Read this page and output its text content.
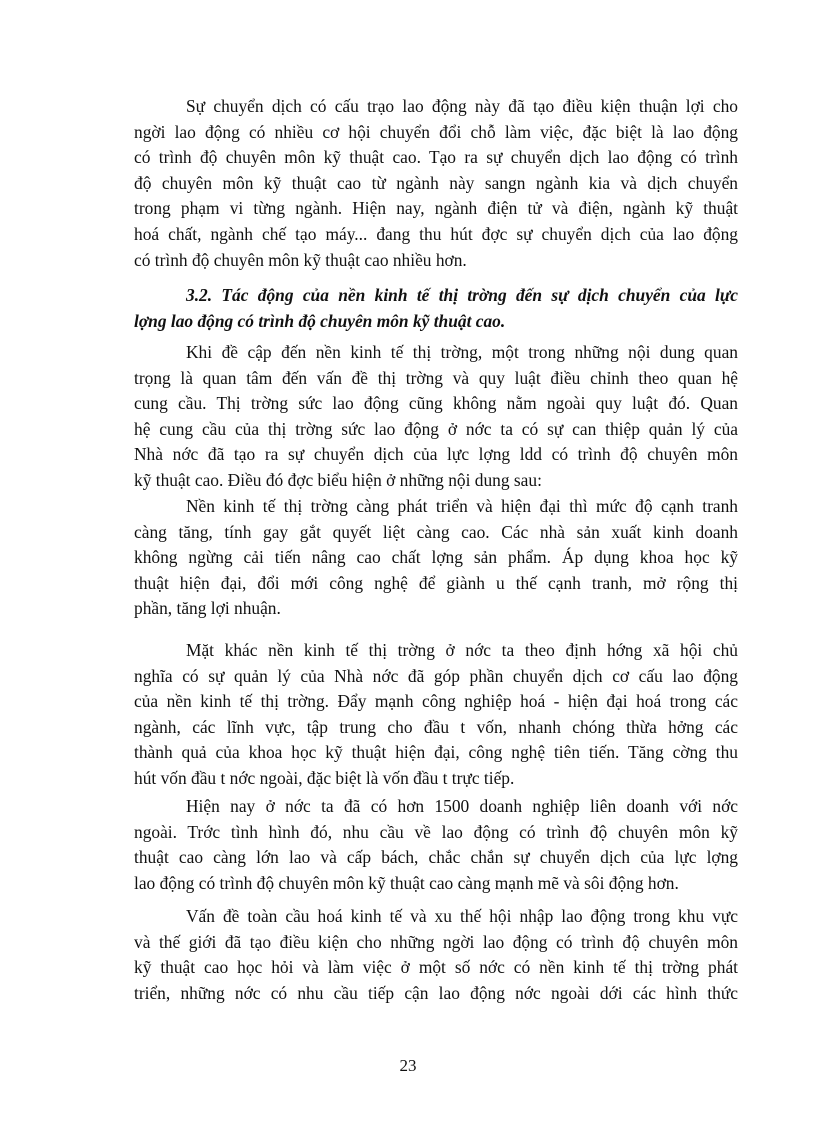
Sự chuyển dịch có cấu trạo lao động này đã tạo điều kiện thuận lợi cho
ngời lao động có nhiều cơ hội chuyển đổi chỗ làm việc, đặc biệt là lao động
có trình độ chuyên môn kỹ thuật cao. Tạo ra sự chuyển dịch lao động có trình
độ chuyên môn kỹ thuật cao từ ngành này sangn ngành kia và dịch chuyển
trong phạm vi từng ngành. Hiện nay, ngành điện tử và điện, ngành kỹ thuật
hoá chất, ngành chế tạo máy... đang thu hút đợc sự chuyển dịch của lao động
có trình độ chuyên môn kỹ thuật cao nhiều hơn.

3.2. Tác động của nền kinh tế thị trờng đến sự dịch chuyển của lực
lợng lao động có trình độ chuyên môn kỹ thuật cao.

Khi đề cập đến nền kinh tế thị trờng, một trong những nội dung quan
trọng là quan tâm đến vấn đề thị trờng và quy luật điều chỉnh theo quan hệ
cung cầu. Thị trờng sức lao động cũng không nằm ngoài quy luật đó. Quan
hệ cung cầu của thị trờng sức lao động ở nớc ta có sự can thiệp quản lý của
Nhà nớc đã tạo ra sự chuyển dịch của lực lợng ldd có trình độ chuyên môn
kỹ thuật cao. Điều đó đợc biểu hiện ở những nội dung sau:

Nền kinh tế thị trờng càng phát triển và hiện đại thì mức độ cạnh tranh
càng tăng, tính gay gắt quyết liệt càng cao. Các nhà sản xuất kinh doanh
không ngừng cải tiến nâng cao chất lợng sản phẩm. Áp dụng khoa học kỹ
thuật hiện đại, đổi mới công nghệ để giành u thế cạnh tranh, mở rộng thị
phần, tăng lợi nhuận.

Mặt khác nền kinh tế thị trờng ở nớc ta theo định hớng xã hội chủ
nghĩa có sự quản lý của Nhà nớc đã góp phần chuyển dịch cơ cấu lao động
của nền kinh tế thị trờng. Đẩy mạnh công nghiệp hoá - hiện đại hoá trong các
ngành, các lĩnh vực, tập trung cho đầu t vốn, nhanh chóng thừa hởng các
thành quả của khoa học kỹ thuật hiện đại, công nghệ tiên tiến. Tăng cờng thu
hút vốn đầu t nớc ngoài, đặc biệt là vốn đầu t trực tiếp.

Hiện nay ở nớc ta đã có hơn 1500 doanh nghiệp liên doanh với nớc
ngoài. Trớc tình hình đó, nhu cầu về lao động có trình độ chuyên môn kỹ
thuật cao càng lớn lao và cấp bách, chắc chắn sự chuyển dịch của lực lợng
lao động có trình độ chuyên môn kỹ thuật cao càng mạnh mẽ và sôi động hơn.

Vấn đề toàn cầu hoá kinh tế và xu thế hội nhập lao động trong khu vực
và thế giới đã tạo điều kiện cho những ngời lao động có trình độ chuyên môn
kỹ thuật cao học hỏi và làm việc ở một số nớc có nền kinh tế thị trờng phát
triển, những nớc có nhu cầu tiếp cận lao động nớc ngoài dới các hình thức

23
